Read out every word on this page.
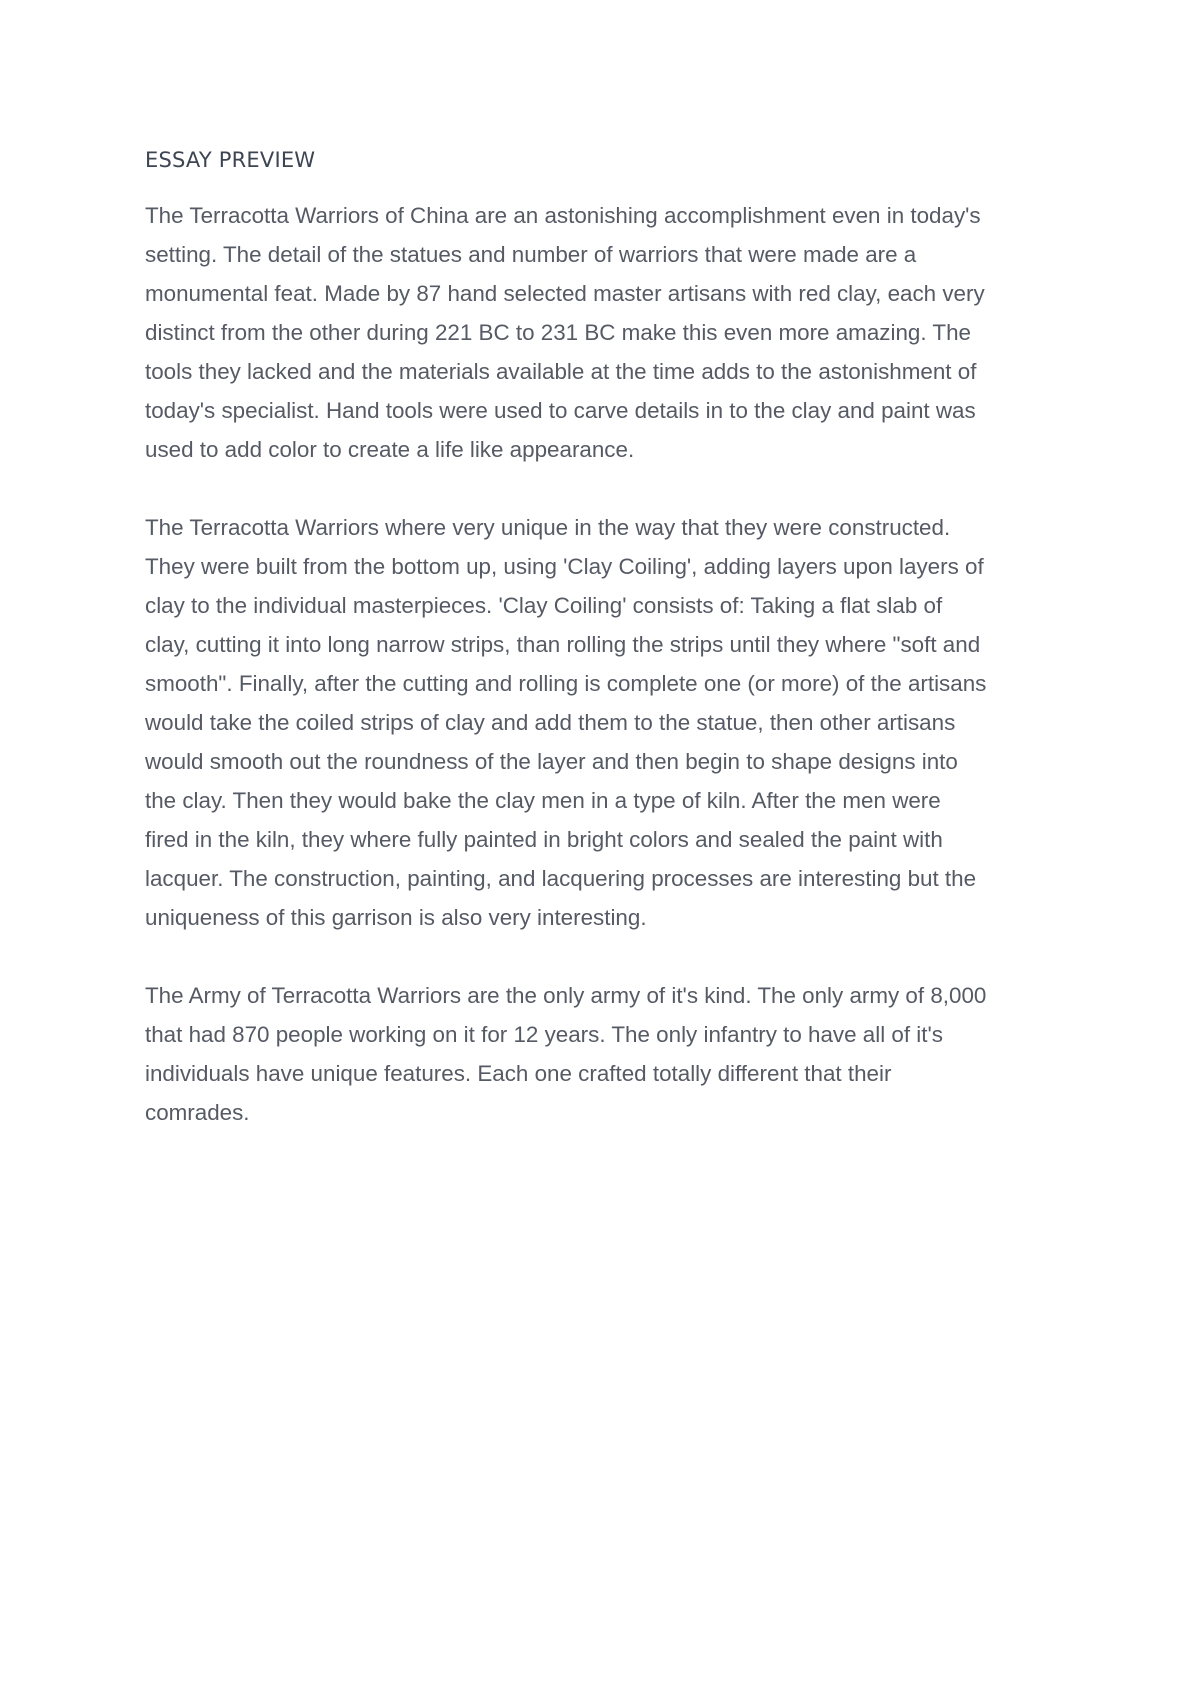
ESSAY PREVIEW

The Terracotta Warriors of China are an astonishing accomplishment even in today's
setting. The detail of the statues and number of warriors that were made are a
monumental feat. Made by 87 hand selected master artisans with red clay, each very
distinct from the other during 221 BC to 231 BC make this even more amazing. The
tools they lacked and the materials available at the time adds to the astonishment of
today's specialist. Hand tools were used to carve details in to the clay and paint was
used to add color to create a life like appearance.

The Terracotta Warriors where very unique in the way that they were constructed.
They were built from the bottom up, using 'Clay Coiling', adding layers upon layers of
clay to the individual masterpieces. 'Clay Coiling' consists of: Taking a flat slab of
clay, cutting it into long narrow strips, than rolling the strips until they where "soft and
smooth". Finally, after the cutting and rolling is complete one (or more) of the artisans
would take the coiled strips of clay and add them to the statue, then other artisans
would smooth out the roundness of the layer and then begin to shape designs into
the clay. Then they would bake the clay men in a type of kiln. After the men were
fired in the kiln, they where fully painted in bright colors and sealed the paint with
lacquer. The construction, painting, and lacquering processes are interesting but the
uniqueness of this garrison is also very interesting.

The Army of Terracotta Warriors are the only army of it's kind. The only army of 8,000
that had 870 people working on it for 12 years. The only infantry to have all of it's
individuals have unique features. Each one crafted totally different that their
comrades.
